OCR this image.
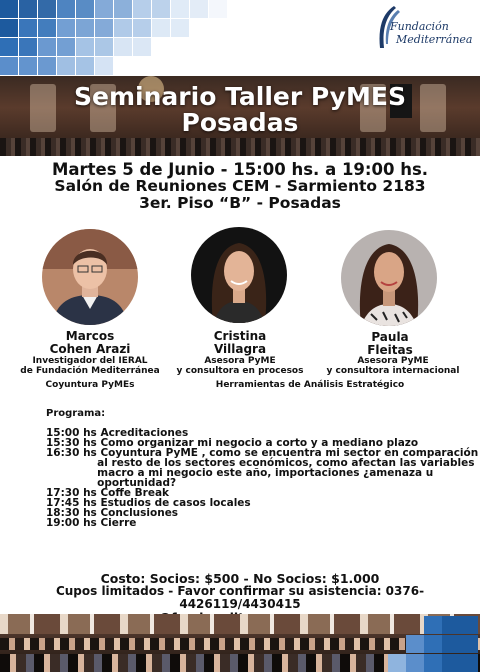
Fundación
Mediterránea
Seminario Taller PyMES
Posadas
Martes 5 de Junio - 15:00 hs. a 19:00 hs.
Salón de Reuniones CEM - Sarmiento 2183
3er. Piso “B” - Posadas
Marcos
Cohen Arazi
Investigador del IERAL
de Fundación Mediterránea
Coyuntura PyMEs
Cristina
Villagra
Asesora PyME
y consultora en procesos
Herramientas de Análisis Estratégico
Paula
Fleitas
Asesora PyME
y consultora internacional
Programa:
15:00 hs Acreditaciones
15:30 hs Como organizar mi negocio a corto y a mediano plazo
16:30 hs Coyuntura PyME , como se encuentra mi sector en comparación
al resto de los sectores económicos, como afectan las variables
macro a mi negocio este año, importaciones ¿amenaza u
oportunidad?
17:30 hs Coffe Break
17:45 hs Estudios de casos locales
18:30 hs Conclusiones
19:00 hs Cierre
Costo: Socios: $500 - No Socios: $1.000
Cupos limitados - Favor confirmar su asistencia: 0376-4426119/4430415
